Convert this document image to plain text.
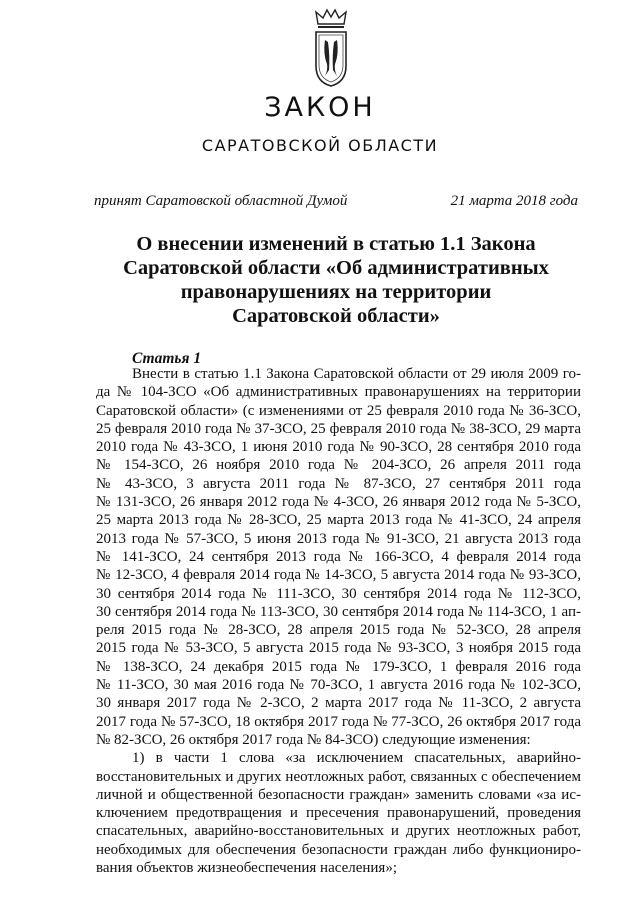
ЗАКОН
САРАТОВСКОЙ ОБЛАСТИ
принят Саратовской областной Думой	21 марта 2018 года
О внесении изменений в статью 1.1 Закона
Саратовской области «Об административных
правонарушениях на территории
Саратовской области»
Статья 1
Внести в статью 1.1 Закона Саратовской области от 29 июля 2009 го-
да № 104-ЗСО «Об административных правонарушениях на территории
Саратовской области» (с изменениями от 25 февраля 2010 года № 36-ЗСО,
25 февраля 2010 года № 37-ЗСО, 25 февраля 2010 года № 38-ЗСО, 29 марта
2010 года № 43-ЗСО, 1 июня 2010 года № 90-ЗСО, 28 сентября 2010 года
№ 154-ЗСО, 26 ноября 2010 года № 204-ЗСО, 26 апреля 2011 года
№ 43-ЗСО, 3 августа 2011 года № 87-ЗСО, 27 сентября 2011 года
№ 131-ЗСО, 26 января 2012 года № 4-ЗСО, 26 января 2012 года № 5-ЗСО,
25 марта 2013 года № 28-ЗСО, 25 марта 2013 года № 41-ЗСО, 24 апреля
2013 года № 57-ЗСО, 5 июня 2013 года № 91-ЗСО, 21 августа 2013 года
№ 141-ЗСО, 24 сентября 2013 года № 166-ЗСО, 4 февраля 2014 года
№ 12-ЗСО, 4 февраля 2014 года № 14-ЗСО, 5 августа 2014 года № 93-ЗСО,
30 сентября 2014 года № 111-ЗСО, 30 сентября 2014 года № 112-ЗСО,
30 сентября 2014 года № 113-ЗСО, 30 сентября 2014 года № 114-ЗСО, 1 ап-
реля 2015 года № 28-ЗСО, 28 апреля 2015 года № 52-ЗСО, 28 апреля
2015 года № 53-ЗСО, 5 августа 2015 года № 93-ЗСО, 3 ноября 2015 года
№ 138-ЗСО, 24 декабря 2015 года № 179-ЗСО, 1 февраля 2016 года
№ 11-ЗСО, 30 мая 2016 года № 70-ЗСО, 1 августа 2016 года № 102-ЗСО,
30 января 2017 года № 2-ЗСО, 2 марта 2017 года № 11-ЗСО, 2 августа
2017 года № 57-ЗСО, 18 октября 2017 года № 77-ЗСО, 26 октября 2017 года
№ 82-ЗСО, 26 октября 2017 года № 84-ЗСО) следующие изменения:
1) в части 1 слова «за исключением спасательных, аварийно-
восстановительных и других неотложных работ, связанных с обеспечением
личной и общественной безопасности граждан» заменить словами «за ис-
ключением предотвращения и пресечения правонарушений, проведения
спасательных, аварийно-восстановительных и других неотложных работ,
необходимых для обеспечения безопасности граждан либо функциониро-
вания объектов жизнеобеспечения населения»;
